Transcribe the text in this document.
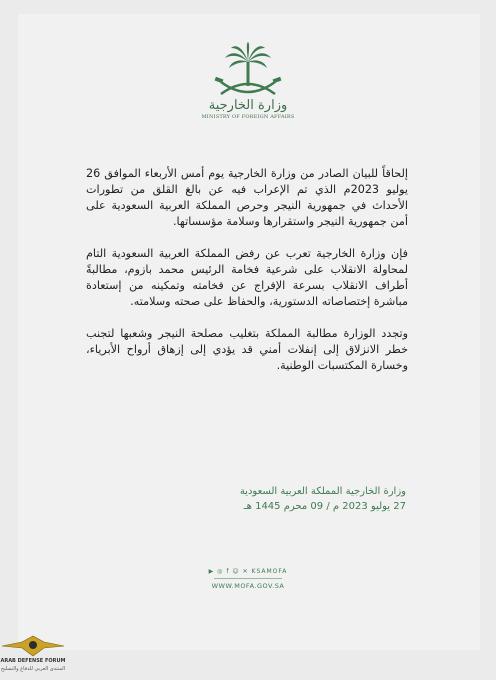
وزارة الخارجية
MINISTRY OF FOREIGN AFFAIRS

إلحاقاً للبيان الصادر من وزارة الخارجية يوم أمس الأربعاء الموافق 26 يوليو 2023م الذي تم الإعراب فيه عن بالغ القلق من تطورات الأحداث في جمهورية النيجر وحرص المملكة العربية السعودية على أمن جمهورية النيجر واستقرارها وسلامة مؤسساتها.

فإن وزارة الخارجية تعرب عن رفض المملكة العربية السعودية التام لمحاولة الانقلاب على شرعية فخامة الرئيس محمد بازوم، مطالبةً أطراف الانقلاب بسرعة الإفراج عن فخامته وتمكينه من إستعادة مباشرة إختصاصاته الدستورية، والحفاظ على صحته وسلامته.

وتجدد الوزارة مطالبة المملكة بتغليب مصلحة النيجر وشعبها لتجنب خطر الانزلاق إلى إنفلات أمني قد يؤدي إلى إزهاق أرواح الأبرياء، وخسارة المكتسبات الوطنية.

وزارة الخارجية المملكة العربية السعودية
27 يوليو 2023 م / 09 محرم 1445 هـ
▶ ◎ f ☺ ✕ KSAMOFA
WWW.MOFA.GOV.SA
ARAB DEFENSE FORUM
المنتدى العربي للدفاع والتسليح
